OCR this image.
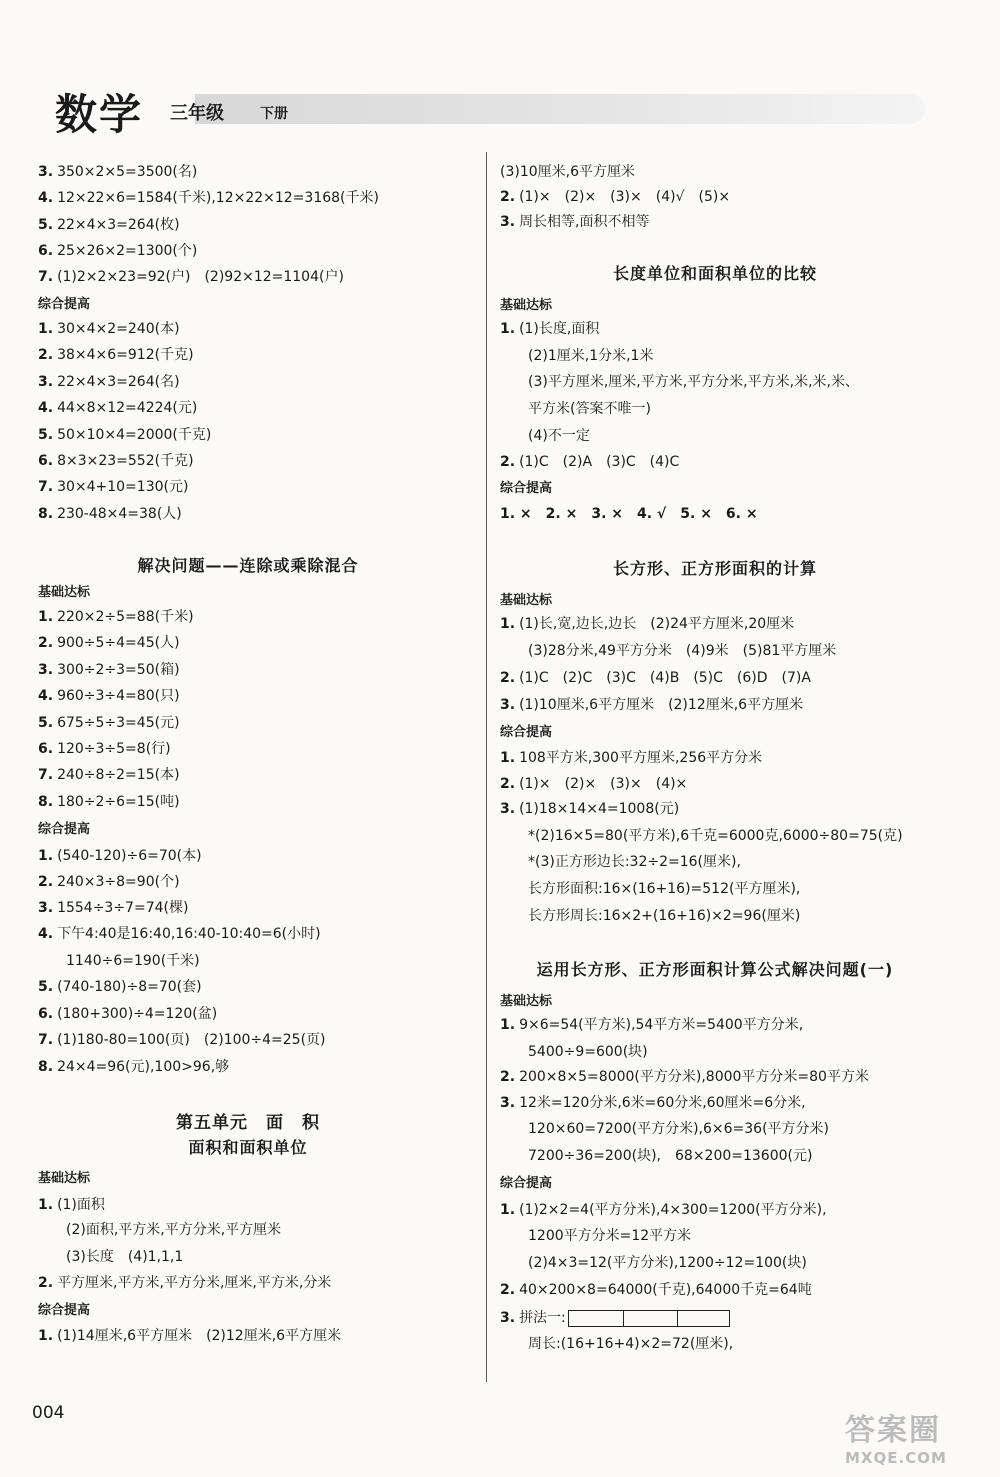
数学 三年级	下册
3. 350×2×5=3500(名)
4. 12×22×6=1584(千米),12×22×12=3168(千米)
5. 22×4×3=264(枚)
6. 25×26×2=1300(个)
7. (1)2×2×23=92(户)　(2)92×12=1104(户)
综合提高
1. 30×4×2=240(本)
2. 38×4×6=912(千克)
3. 22×4×3=264(名)
4. 44×8×12=4224(元)
5. 50×10×4=2000(千克)
6. 8×3×23=552(千克)
7. 30×4+10=130(元)
8. 230-48×4=38(人)
解决问题——连除或乘除混合
基础达标
1. 220×2÷5=88(千米)
2. 900÷5÷4=45(人)
3. 300÷2÷3=50(箱)
4. 960÷3÷4=80(只)
5. 675÷5÷3=45(元)
6. 120÷3÷5=8(行)
7. 240÷8÷2=15(本)
8. 180÷2÷6=15(吨)
综合提高
1. (540-120)÷6=70(本)
2. 240×3÷8=90(个)
3. 1554÷3÷7=74(棵)
4. 下午4:40是16:40,16:40-10:40=6(小时)
1140÷6=190(千米)
5. (740-180)÷8=70(套)
6. (180+300)÷4=120(盆)
7. (1)180-80=100(页)　(2)100÷4=25(页)
8. 24×4=96(元),100>96,够
第五单元　面　积
面积和面积单位
基础达标
1. (1)面积
(2)面积,平方米,平方分米,平方厘米
(3)长度　(4)1,1,1
2. 平方厘米,平方米,平方分米,厘米,平方米,分米
综合提高
1. (1)14厘米,6平方厘米　(2)12厘米,6平方厘米
(3)10厘米,6平方厘米
2. (1)×　(2)×　(3)×　(4)√　(5)×
3. 周长相等,面积不相等
长度单位和面积单位的比较
基础达标
1. (1)长度,面积
(2)1厘米,1分米,1米
(3)平方厘米,厘米,平方米,平方分米,平方米,米,米,米、
平方米(答案不唯一)
(4)不一定
2. (1)C　(2)A　(3)C　(4)C
综合提高
1. ×　2. ×　3. ×　4. √　5. ×　6. ×
长方形、正方形面积的计算
基础达标
1. (1)长,宽,边长,边长　(2)24平方厘米,20厘米
(3)28分米,49平方分米　(4)9米　(5)81平方厘米
2. (1)C　(2)C　(3)C　(4)B　(5)C　(6)D　(7)A
3. (1)10厘米,6平方厘米　(2)12厘米,6平方厘米
综合提高
1. 108平方米,300平方厘米,256平方分米
2. (1)×　(2)×　(3)×　(4)×
3. (1)18×14×4=1008(元)
*(2)16×5=80(平方米),6千克=6000克,6000÷80=75(克)
*(3)正方形边长:32÷2=16(厘米),
长方形面积:16×(16+16)=512(平方厘米),
长方形周长:16×2+(16+16)×2=96(厘米)
运用长方形、正方形面积计算公式解决问题(一)
基础达标
1. 9×6=54(平方米),54平方米=5400平方分米,
5400÷9=600(块)
2. 200×8×5=8000(平方分米),8000平方分米=80平方米
3. 12米=120分米,6米=60分米,60厘米=6分米,
120×60=7200(平方分米),6×6=36(平方分米)
7200÷36=200(块),　68×200=13600(元)
综合提高
1. (1)2×2=4(平方分米),4×300=1200(平方分米),
1200平方分米=12平方米
(2)4×3=12(平方分米),1200÷12=100(块)
2. 40×200×8=64000(千克),64000千克=64吨
3. 拼法一:
周长:(16+16+4)×2=72(厘米),
004	答案圈
MXQE.COM
